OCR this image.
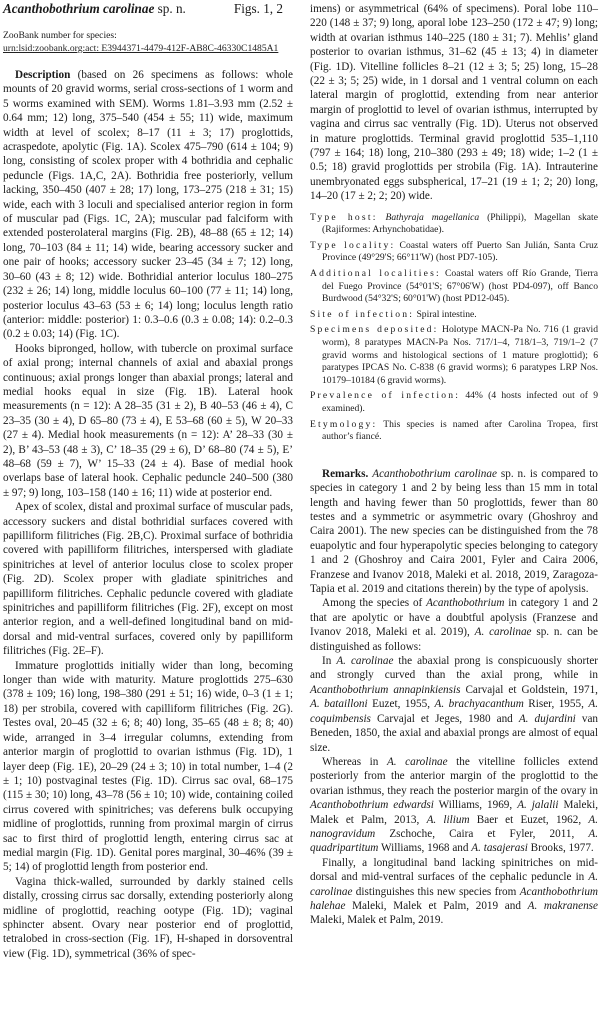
Acanthobothrium carolinae sp. n.	Figs. 1, 2
ZooBank number for species:
urn:lsid:zoobank.org:act: E3944371-4479-412F-AB8C-46330C1485A1

Description (based on 26 specimens as follows: whole mounts of 20 gravid worms, serial cross-sections of 1 worm and 5 worms examined with SEM). Worms 1.81–3.93 mm (2.52 ± 0.64 mm; 12) long, 375–540 (454 ± 55; 11) wide, maximum width at level of scolex; 8–17 (11 ± 3; 17) proglottids, acraspedote, apolytic (Fig. 1A). Scolex 475–790 (614 ± 104; 9) long, consisting of scolex proper with 4 bothridia and cephalic peduncle (Figs. 1A,C, 2A). Bothridia free posteriorly, vellum lacking, 350–450 (407 ± 28; 17) long, 173–275 (218 ± 31; 15) wide, each with 3 loculi and specialised anterior region in form of muscular pad (Figs. 1C, 2A); muscular pad falciform with extended posterolateral margins (Fig. 2B), 48–88 (65 ± 12; 14) long, 70–103 (84 ± 11; 14) wide, bearing accessory sucker and one pair of hooks; accessory sucker 23–45 (34 ± 7; 12) long, 30–60 (43 ± 8; 12) wide. Bothridial anterior loculus 180–275 (232 ± 26; 14) long, middle loculus 60–100 (77 ± 11; 14) long, posterior loculus 43–63 (53 ± 6; 14) long; loculus length ratio (anterior: middle: posterior) 1: 0.3–0.6 (0.3 ± 0.08; 14): 0.2–0.3 (0.2 ± 0.03; 14) (Fig. 1C).

Hooks bipronged, hollow, with tubercle on proximal surface of axial prong; internal channels of axial and abaxial prongs continuous; axial prongs longer than abaxial prongs; lateral and medial hooks equal in size (Fig. 1B). Lateral hook measurements (n = 12): A 28–35 (31 ± 2), B 40–53 (46 ± 4), C 23–35 (30 ± 4), D 65–80 (73 ± 4), E 53–68 (60 ± 5), W 20–33 (27 ± 4). Medial hook measurements (n = 12): A’ 28–33 (30 ± 2), B’ 43–53 (48 ± 3), C’ 18–35 (29 ± 6), D’ 68–80 (74 ± 5), E’ 48–68 (59 ± 7), W’ 15–33 (24 ± 4). Base of medial hook overlaps base of lateral hook. Cephalic peduncle 240–500 (380 ± 97; 9) long, 103–158 (140 ± 16; 11) wide at posterior end.

Apex of scolex, distal and proximal surface of muscular pads, accessory suckers and distal bothridial surfaces covered with papilliform filitriches (Fig. 2B,C). Proximal surface of bothridia covered with papilliform filitriches, interspersed with gladiate spinitriches at level of anterior loculus close to scolex proper (Fig. 2D). Scolex proper with gladiate spinitriches and papilliform filitriches. Cephalic peduncle covered with gladiate spinitriches and papilliform filitriches (Fig. 2F), except on most anterior region, and a well-defined longitudinal band on mid-dorsal and mid-ventral surfaces, covered only by papilliform filitriches (Fig. 2E–F).

Immature proglottids initially wider than long, becoming longer than wide with maturity. Mature proglottids 275–630 (378 ± 109; 16) long, 198–380 (291 ± 51; 16) wide, 0–3 (1 ± 1; 18) per strobila, covered with capilliform filitriches (Fig. 2G). Testes oval, 20–45 (32 ± 6; 8; 40) long, 35–65 (48 ± 8; 8; 40) wide, arranged in 3–4 irregular columns, extending from anterior margin of proglottid to ovarian isthmus (Fig. 1D), 1 layer deep (Fig. 1E), 20–29 (24 ± 3; 10) in total number, 1–4 (2 ± 1; 10) postvaginal testes (Fig. 1D). Cirrus sac oval, 68–175 (115 ± 30; 10) long, 43–78 (56 ± 10; 10) wide, containing coiled cirrus covered with spinitriches; vas deferens bulk occupying midline of proglottids, running from proximal margin of cirrus sac to first third of proglottid length, entering cirrus sac at medial margin (Fig. 1D). Genital pores marginal, 30–46% (39 ± 5; 14) of proglottid length from posterior end.

Vagina thick-walled, surrounded by darkly stained cells distally, crossing cirrus sac dorsally, extending posteriorly along midline of proglottid, reaching ootype (Fig. 1D); vaginal sphincter absent. Ovary near posterior end of proglottid, tetralobed in cross-section (Fig. 1F), H-shaped in dorsoventral view (Fig. 1D), symmetrical (36% of spec-

imens) or asymmetrical (64% of specimens). Poral lobe 110–220 (148 ± 37; 9) long, aporal lobe 123–250 (172 ± 47; 9) long; width at ovarian isthmus 140–225 (180 ± 31; 7). Mehlis’ gland posterior to ovarian isthmus, 31–62 (45 ± 13; 4) in diameter (Fig. 1D). Vitelline follicles 8–21 (12 ± 3; 5; 25) long, 15–28 (22 ± 3; 5; 25) wide, in 1 dorsal and 1 ventral column on each lateral margin of proglottid, extending from near anterior margin of proglottid to level of ovarian isthmus, interrupted by vagina and cirrus sac ventrally (Fig. 1D). Uterus not observed in mature proglottids. Terminal gravid proglottid 535–1,110 (797 ± 164; 18) long, 210–380 (293 ± 49; 18) wide; 1–2 (1 ± 0.5; 18) gravid proglottids per strobila (Fig. 1A). Intrauterine unembryonated eggs subspherical, 17–21 (19 ± 1; 2; 20) long, 14–20 (17 ± 2; 2; 20) wide.

Type host: Bathyraja magellanica (Philippi), Magellan skate (Rajiformes: Arhynchobatidae).
Type locality: Coastal waters off Puerto San Julián, Santa Cruz Province (49°29'S; 66°11'W) (host PD7-105).
Additional localities: Coastal waters off Río Grande, Tierra del Fuego Province (54°01'S; 67°06'W) (host PD4-097), off Banco Burdwood (54°32'S; 60°01'W) (host PD12-045).
Site of infection: Spiral intestine.
Specimens deposited: Holotype MACN-Pa No. 716 (1 gravid worm), 8 paratypes MACN-Pa Nos. 717/1–4, 718/1–3, 719/1–2 (7 gravid worms and histological sections of 1 mature proglottid); 6 paratypes IPCAS No. C-838 (6 gravid worms); 6 paratypes LRP Nos. 10179–10184 (6 gravid worms).
Prevalence of infection: 44% (4 hosts infected out of 9 examined).
Etymology: This species is named after Carolina Tropea, first author’s fiancé.

Remarks. Acanthobothrium carolinae sp. n. is compared to species in category 1 and 2 by being less than 15 mm in total length and having fewer than 50 proglottids, fewer than 80 testes and a symmetric or asymmetric ovary (Ghoshroy and Caira 2001). The new species can be distinguished from the 78 euapolytic and four hyperapolytic species belonging to category 1 and 2 (Ghoshroy and Caira 2001, Fyler and Caira 2006, Franzese and Ivanov 2018, Maleki et al. 2018, 2019, Zaragoza-Tapia et al. 2019 and citations therein) by the type of apolysis.

Among the species of Acanthobothrium in category 1 and 2 that are apolytic or have a doubtful apolysis (Franzese and Ivanov 2018, Maleki et al. 2019), A. carolinae sp. n. can be distinguished as follows:

In A. carolinae the abaxial prong is conspicuously shorter and strongly curved than the axial prong, while in Acanthobothrium annapinkiensis Carvajal et Goldstein, 1971, A. batailloni Euzet, 1955, A. brachyacanthum Riser, 1955, A. coquimbensis Carvajal et Jeges, 1980 and A. dujardini van Beneden, 1850, the axial and abaxial prongs are almost of equal size.

Whereas in A. carolinae the vitelline follicles extend posteriorly from the anterior margin of the proglottid to the ovarian isthmus, they reach the posterior margin of the ovary in Acanthobothrium edwardsi Williams, 1969, A. jalalii Maleki, Malek et Palm, 2013, A. lilium Baer et Euzet, 1962, A. nanogravidum Zschoche, Caira et Fyler, 2011, A. quadripartitum Williams, 1968 and A. tasajerasi Brooks, 1977.

Finally, a longitudinal band lacking spinitriches on mid-dorsal and mid-ventral surfaces of the cephalic peduncle in A. carolinae distinguishes this new species from Acanthobothrium halehae Maleki, Malek et Palm, 2019 and A. makranense Maleki, Malek et Palm, 2019.
